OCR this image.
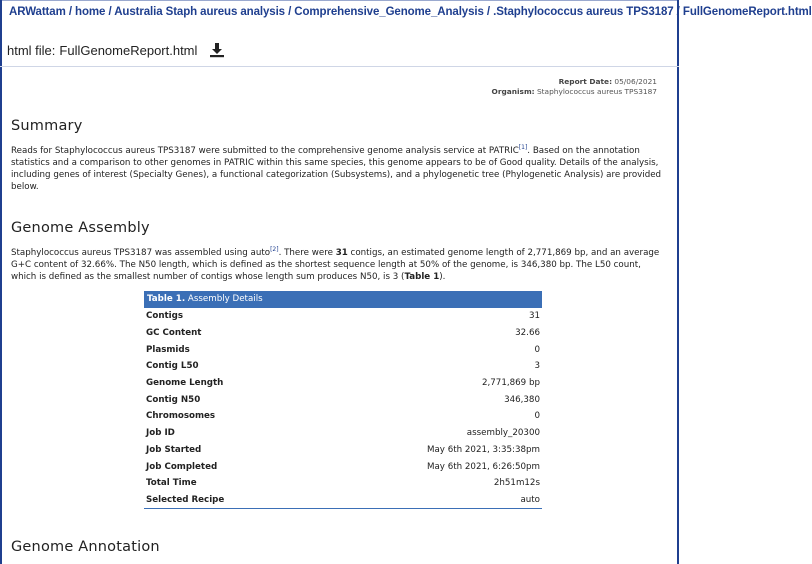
ARWattam / home / Australia Staph aureus analysis / Comprehensive_Genome_Analysis / .Staphylococcus aureus TPS3187 / FullGenomeReport.html
html file: FullGenomeReport.html
Report Date: 05/06/2021
Organism: Staphylococcus aureus TPS3187
Summary

Reads for Staphylococcus aureus TPS3187 were submitted to the comprehensive genome analysis service at PATRIC[1]. Based on the annotation statistics and a comparison to other genomes in PATRIC within this same species, this genome appears to be of Good quality. Details of the analysis, including genes of interest (Specialty Genes), a functional categorization (Subsystems), and a phylogenetic tree (Phylogenetic Analysis) are provided below.

Genome Assembly

Staphylococcus aureus TPS3187 was assembled using auto[2]. There were 31 contigs, an estimated genome length of 2,771,869 bp, and an average G+C content of 32.66%. The N50 length, which is defined as the shortest sequence length at 50% of the genome, is 346,380 bp. The L50 count, which is defined as the smallest number of contigs whose length sum produces N50, is 3 (Table 1).

Table 1. Assembly Details
Contigs	31
GC Content	32.66
Plasmids	0
Contig L50	3
Genome Length	2,771,869 bp
Contig N50	346,380
Chromosomes	0
Job ID	assembly_20300
Job Started	May 6th 2021, 3:35:38pm
Job Completed	May 6th 2021, 6:26:50pm
Total Time	2h51m12s
Selected Recipe	auto
Genome Annotation
